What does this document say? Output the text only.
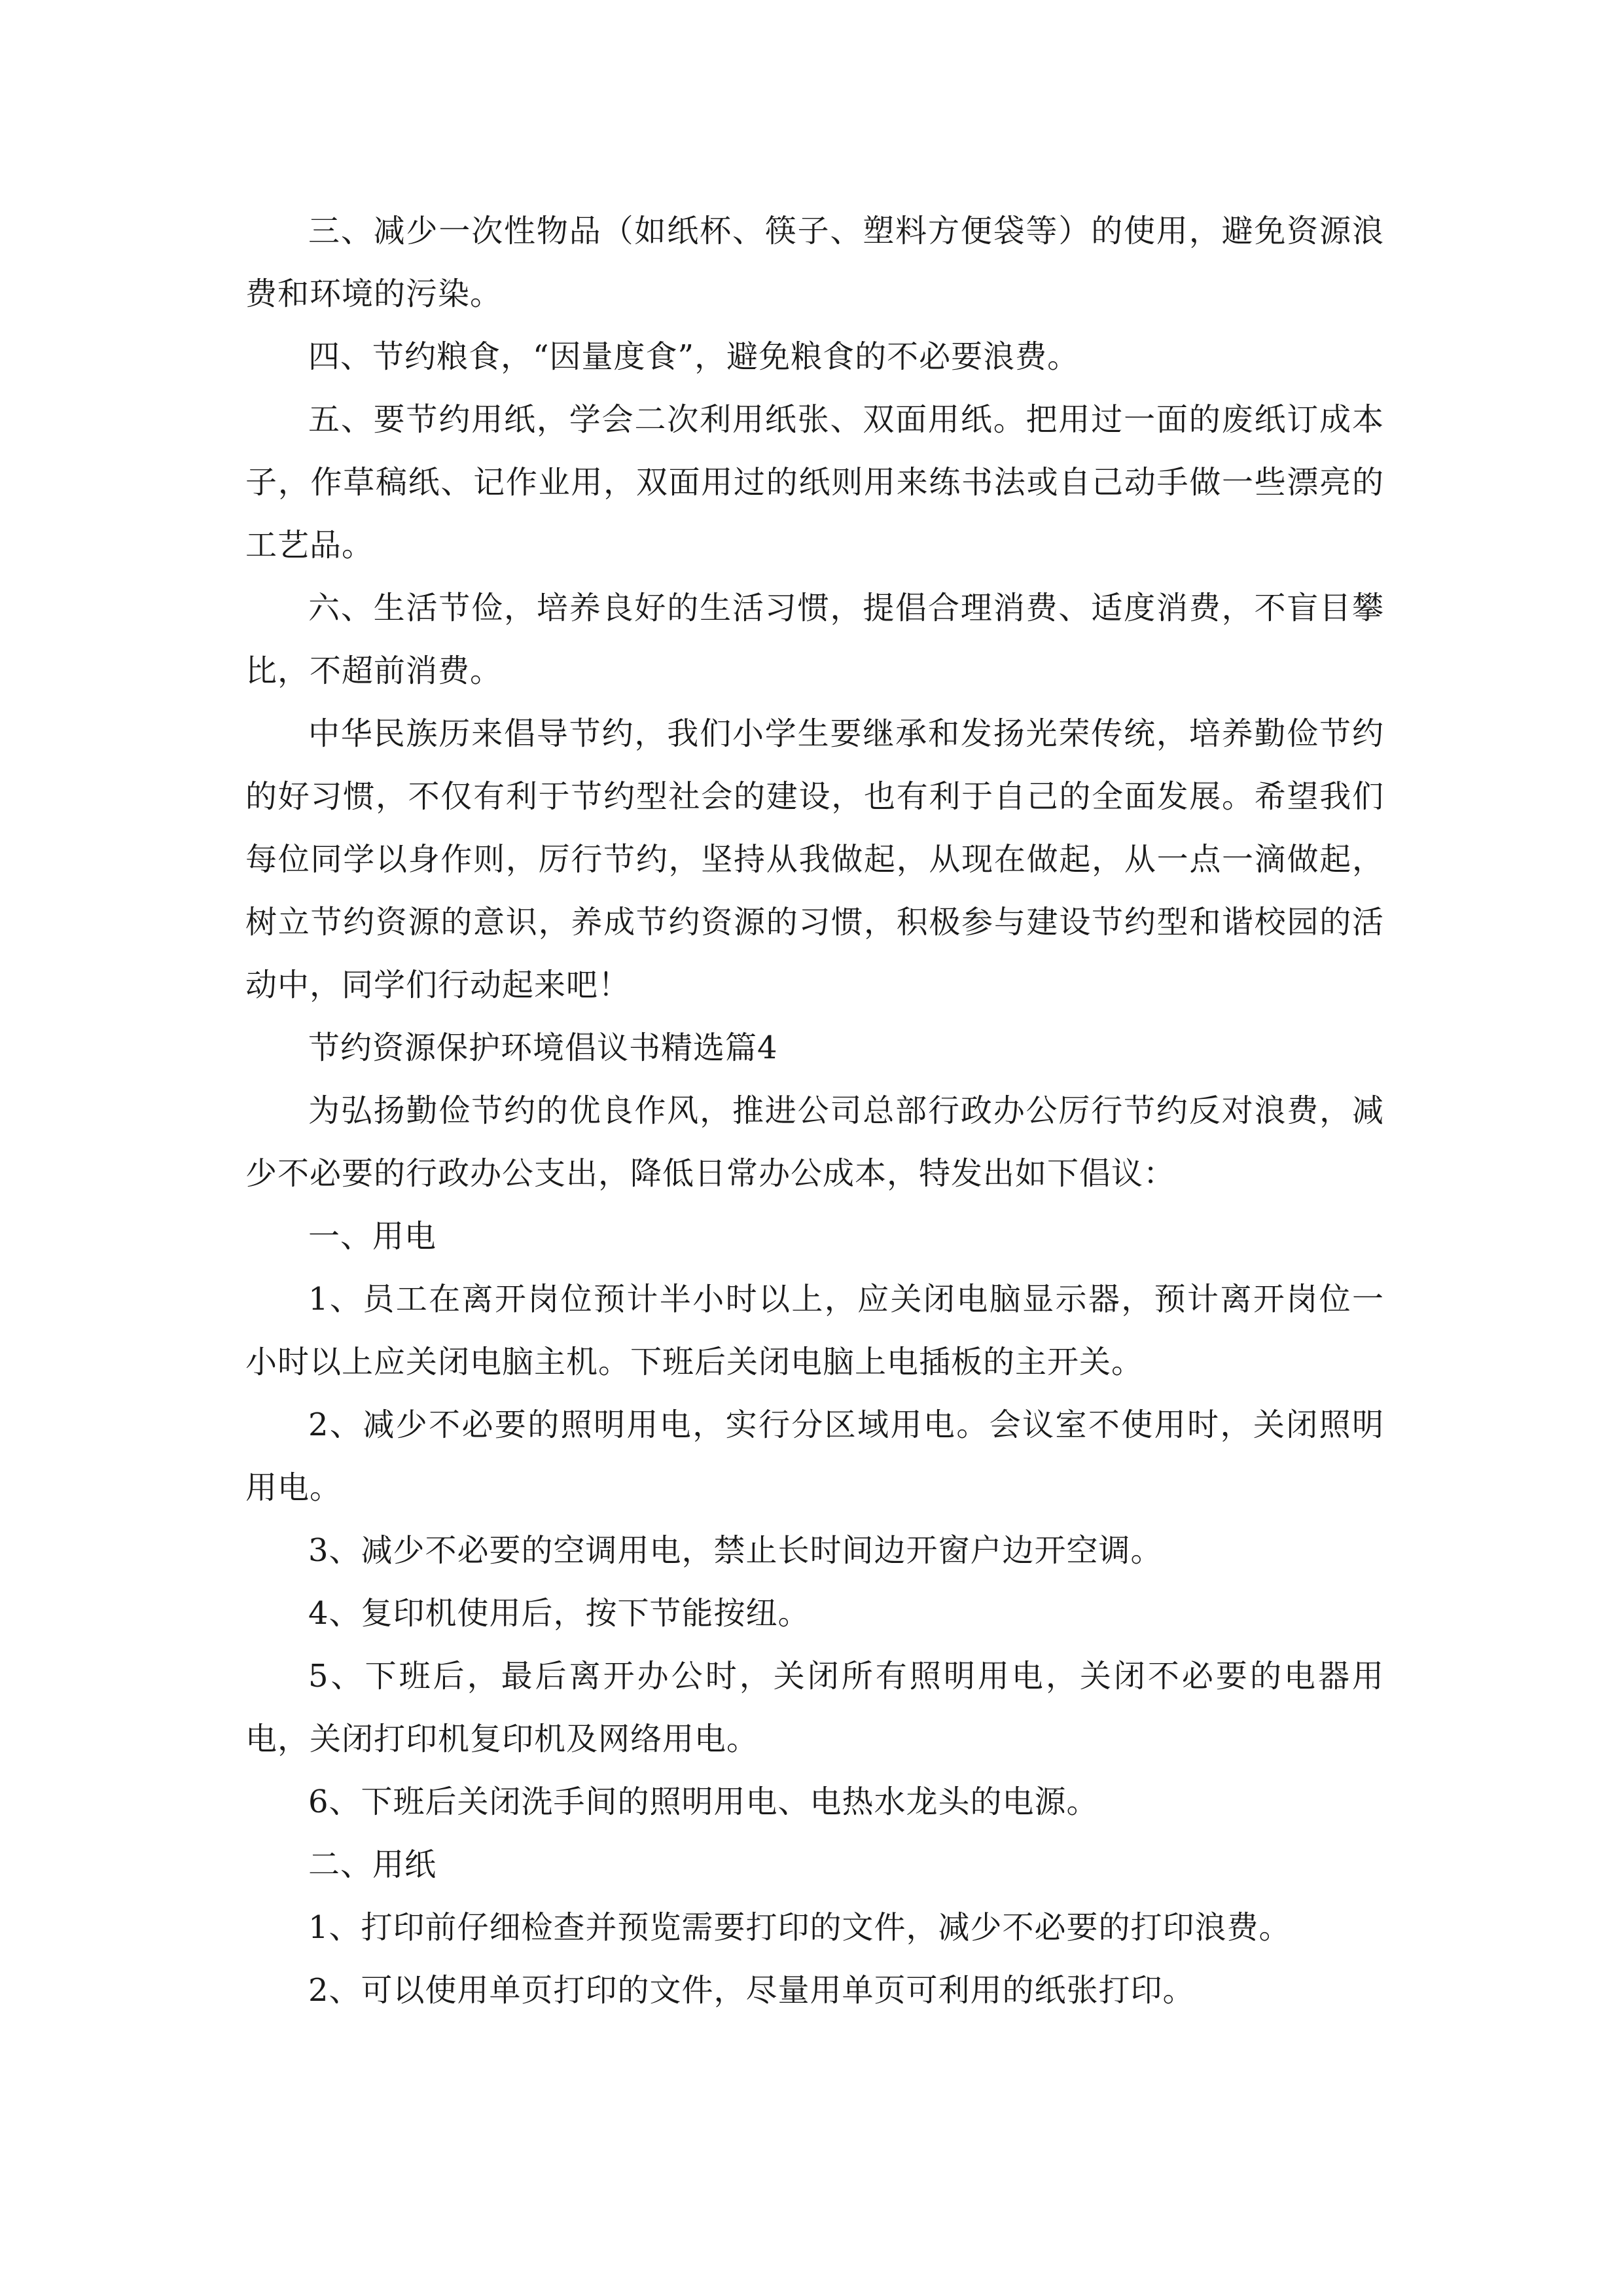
三、减少一次性物品（如纸杯、筷子、塑料方便袋等）的使用，避免资源浪费和环境的污染。

四、节约粮食，“因量度食”，避免粮食的不必要浪费。

五、要节约用纸，学会二次利用纸张、双面用纸。把用过一面的废纸订成本子，作草稿纸、记作业用，双面用过的纸则用来练书法或自己动手做一些漂亮的工艺品。

六、生活节俭，培养良好的生活习惯，提倡合理消费、适度消费，不盲目攀比，不超前消费。

中华民族历来倡导节约，我们小学生要继承和发扬光荣传统，培养勤俭节约的好习惯，不仅有利于节约型社会的建设，也有利于自己的全面发展。希望我们每位同学以身作则，厉行节约，坚持从我做起，从现在做起，从一点一滴做起，树立节约资源的意识，养成节约资源的习惯，积极参与建设节约型和谐校园的活动中，同学们行动起来吧！

节约资源保护环境倡议书精选篇4

为弘扬勤俭节约的优良作风，推进公司总部行政办公厉行节约反对浪费，减少不必要的行政办公支出，降低日常办公成本，特发出如下倡议：

一、用电

1、员工在离开岗位预计半小时以上，应关闭电脑显示器，预计离开岗位一小时以上应关闭电脑主机。下班后关闭电脑上电插板的主开关。

2、减少不必要的照明用电，实行分区域用电。会议室不使用时，关闭照明用电。

3、减少不必要的空调用电，禁止长时间边开窗户边开空调。

4、复印机使用后，按下节能按纽。

5、下班后，最后离开办公时，关闭所有照明用电，关闭不必要的电器用电，关闭打印机复印机及网络用电。

6、下班后关闭洗手间的照明用电、电热水龙头的电源。

二、用纸

1、打印前仔细检查并预览需要打印的文件，减少不必要的打印浪费。

2、可以使用单页打印的文件，尽量用单页可利用的纸张打印。
